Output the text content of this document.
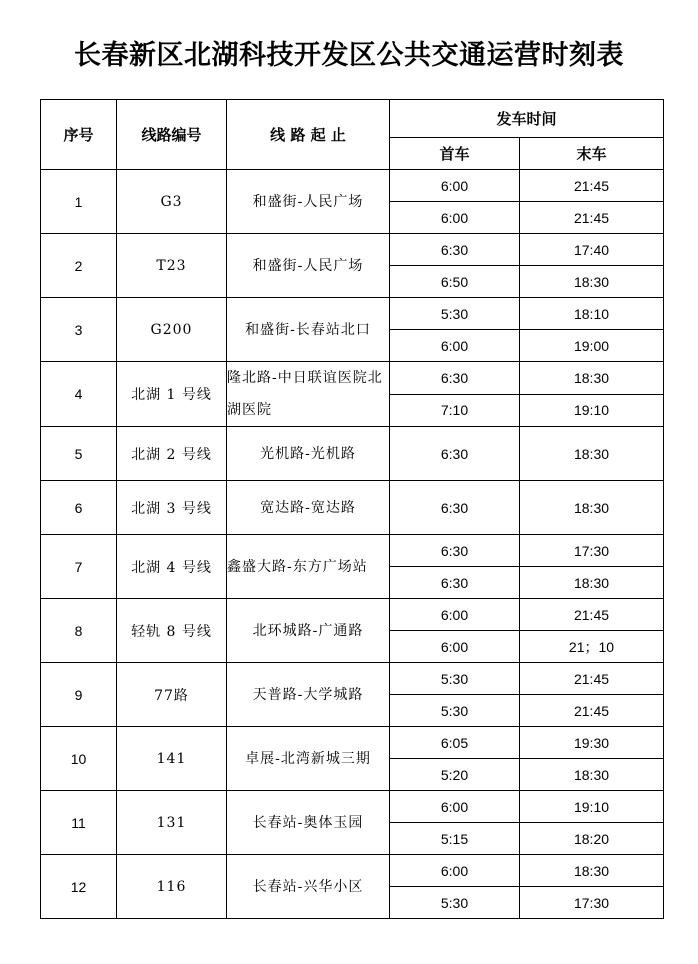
长春新区北湖科技开发区公共交通运营时刻表
序号	线路编号	线 路 起 止	发车时间	
			首车	末车
1	G3	和盛街-人民广场	6:00	21:45
			6:00	21:45
2	T23	和盛街-人民广场	6:30	17:40
			6:50	18:30
3	G200	和盛街-长春站北口	5:30	18:10
			6:00	19:00
4	北湖 1 号线	隆北路-中日联谊医院北湖医院	6:30	18:30
			7:10	19:10
5	北湖 2 号线	光机路-光机路	6:30	18:30
6	北湖 3 号线	宽达路-宽达路	6:30	18:30
7	北湖 4 号线	鑫盛大路-东方广场站	6:30	17:30
			6:30	18:30
8	轻轨 8 号线	北环城路-广通路	6:00	21:45
			6:00	21；10
9	77路	天普路-大学城路	5:30	21:45
			5:30	21:45
10	141	卓展-北湾新城三期	6:05	19:30
			5:20	18:30
11	131	长春站-奥体玉园	6:00	19:10
			5:15	18:20
12	116	长春站-兴华小区	6:00	18:30
			5:30	17:30
